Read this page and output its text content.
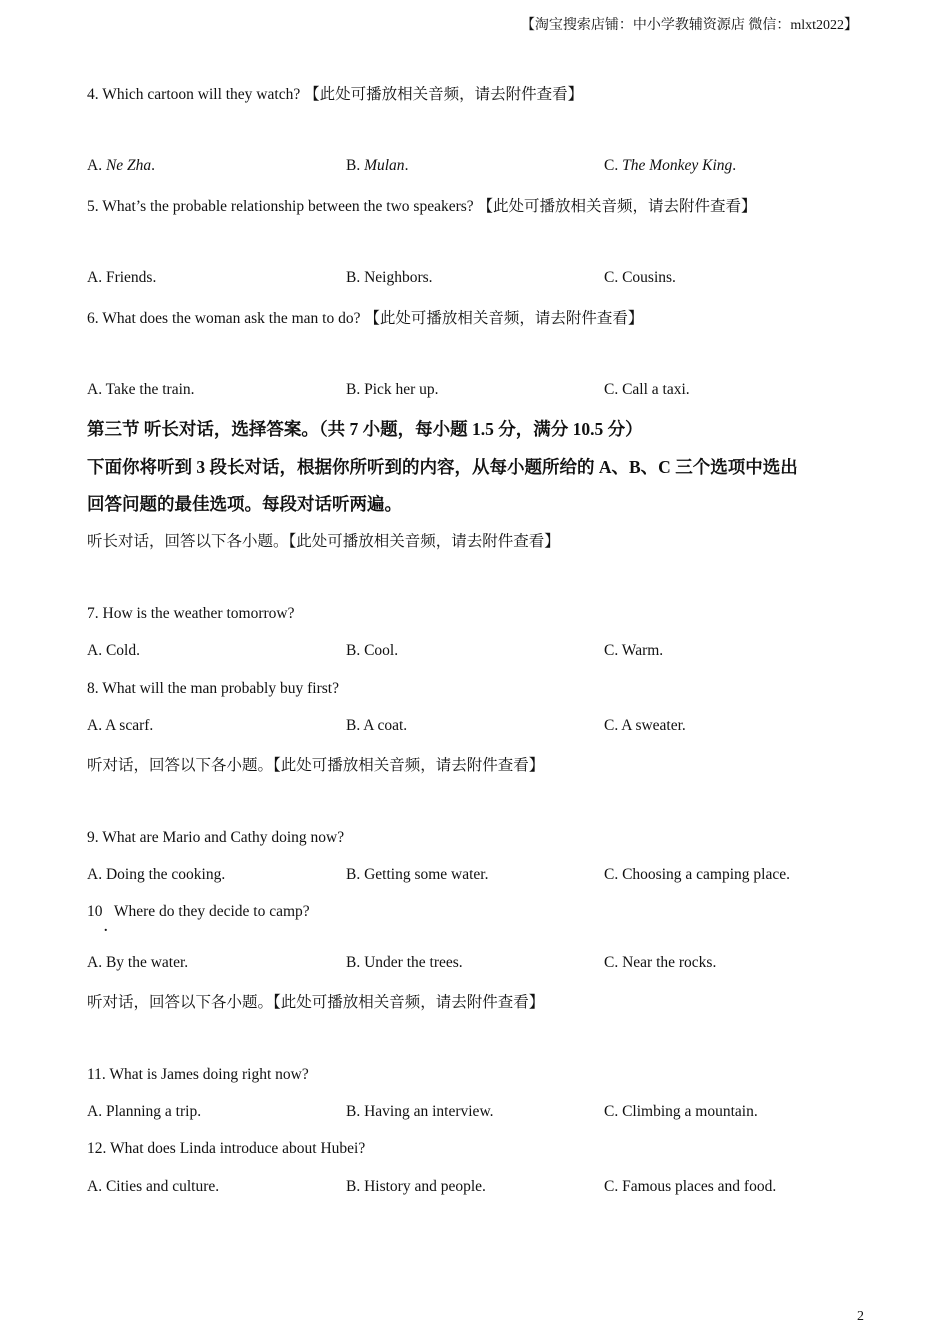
【淘宝搜索店铺：中小学教辅资源店 微信：mlxt2022】
4. Which cartoon will they watch? 【此处可播放相关音频，请去附件查看】
A. Ne Zha.	B. Mulan.	C. The Monkey King.
5. What’s the probable relationship between the two speakers? 【此处可播放相关音频，请去附件查看】
A. Friends.	B. Neighbors.	C. Cousins.
6. What does the woman ask the man to do? 【此处可播放相关音频，请去附件查看】
A. Take the train.	B. Pick her up.	C. Call a taxi.
第三节 听长对话，选择答案。（共 7 小题，每小题 1.5 分，满分 10.5 分）
下面你将听到 3 段长对话，根据你所听到的内容，从每小题所给的 A、B、C 三个选项中选出
回答问题的最佳选项。每段对话听两遍。
听长对话，回答以下各小题。【此处可播放相关音频，请去附件查看】
7. How is the weather tomorrow?
A. Cold.	B. Cool.	C. Warm.
8. What will the man probably buy first?
A. A scarf.	B. A coat.	C. A sweater.
听对话，回答以下各小题。【此处可播放相关音频，请去附件查看】
9. What are Mario and Cathy doing now?
A. Doing the cooking.	B. Getting some water.	C. Choosing a camping place.
10   Where do they decide to camp?
.
A. By the water.	B. Under the trees.	C. Near the rocks.
听对话，回答以下各小题。【此处可播放相关音频，请去附件查看】
11. What is James doing right now?
A. Planning a trip.	B. Having an interview.	C. Climbing a mountain.
12. What does Linda introduce about Hubei?
A. Cities and culture.	B. History and people.	C. Famous places and food.
2
